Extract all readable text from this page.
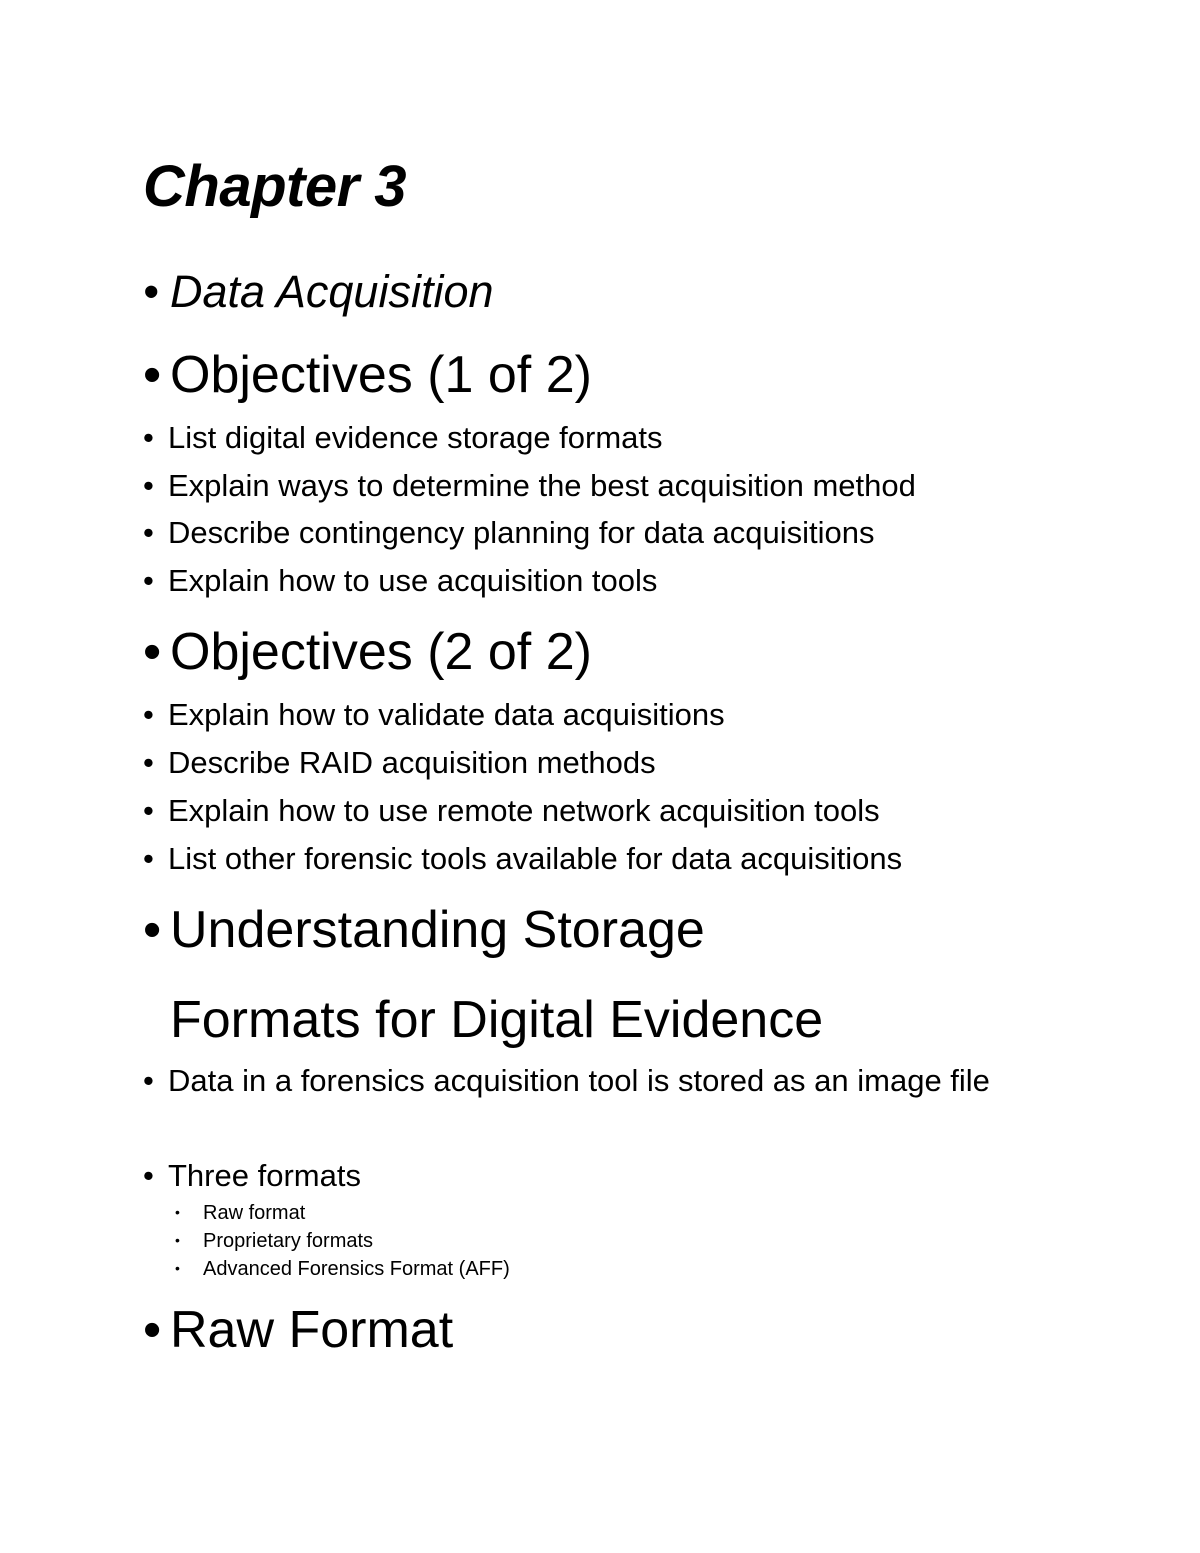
Chapter 3
• Data Acquisition
• Objectives (1 of 2)
• List digital evidence storage formats
• Explain ways to determine the best acquisition method
• Describe contingency planning for data acquisitions
• Explain how to use acquisition tools
• Objectives (2 of 2)
• Explain how to validate data acquisitions
• Describe RAID acquisition methods
• Explain how to use remote network acquisition tools
• List other forensic tools available for data acquisitions
• Understanding Storage
Formats for Digital Evidence
• Data in a forensics acquisition tool is stored as an image file
• Three formats
• Raw format
• Proprietary formats
• Advanced Forensics Format (AFF)
• Raw Format
